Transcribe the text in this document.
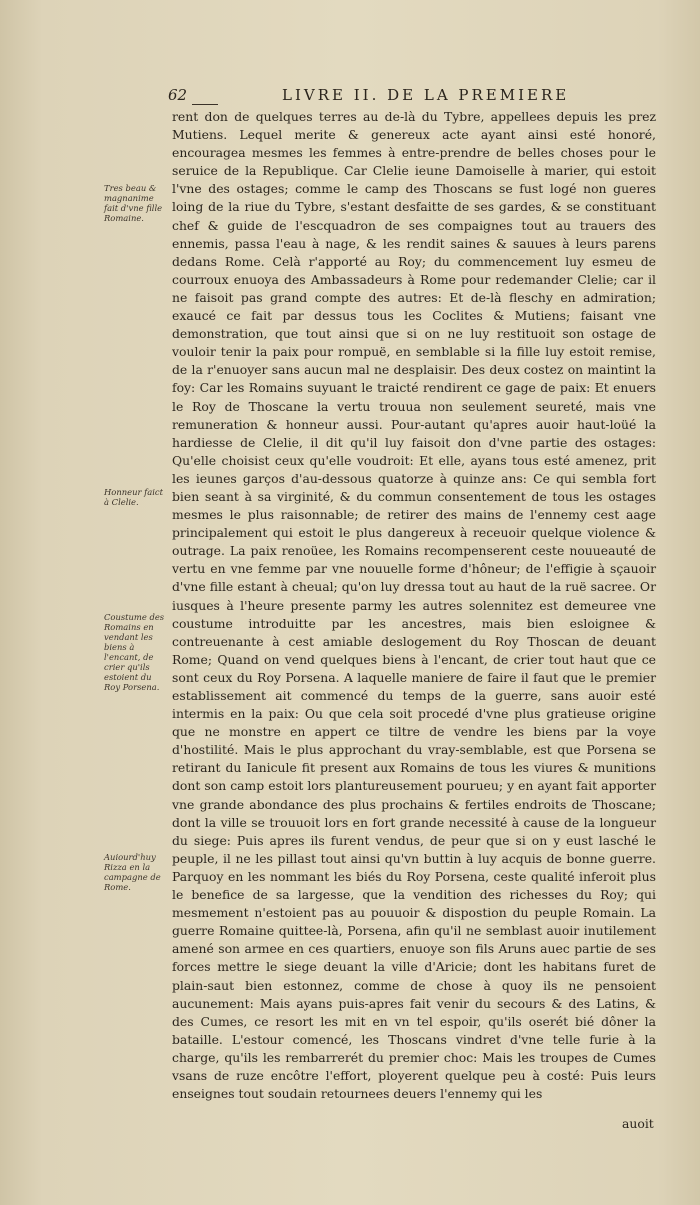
62	LIVRE II. DE LA PREMIERE

rent don de quelques terres au de-là du Tybre, appellees depuis les prez Mutiens. Lequel merite & genereux acte ayant ainsi esté honoré, encouragea mesmes les femmes à entre-prendre de belles choses pour le seruice de la Republique. Car Clelie ieune Damoiselle à marier, qui estoit l'vne des ostages; comme le camp des Thoscans se fust logé non gueres loing de la riue du Tybre, s'estant desfaitte de ses gardes, & se constituant chef & guide de l'escquadron de ses compaignes tout au trauers des ennemis, passa l'eau à nage, & les rendit saines & sauues à leurs parens dedans Rome. Celà r'apporté au Roy; du commencement luy esmeu de courroux enuoya des Ambassadeurs à Rome pour redemander Clelie; car il ne faisoit pas grand compte des autres: Et de-là fleschy en admiration; exaucé ce fait par dessus tous les Coclites & Mutiens; faisant vne demonstration, que tout ainsi que si on ne luy restituoit son ostage de vouloir tenir la paix pour rompuë, en semblable si la fille luy estoit remise, de la r'enuoyer sans aucun mal ne desplaisir. Des deux costez on maintint la foy: Car les Romains suyuant le traicté rendirent ce gage de paix: Et enuers le Roy de Thoscane la vertu trouua non seulement seureté, mais vne remuneration & honneur aussi. Pour-autant qu'apres auoir haut-loüé la hardiesse de Clelie, il dit qu'il luy faisoit don d'vne partie des ostages: Qu'elle choisist ceux qu'elle voudroit: Et elle, ayans tous esté amenez, prit les ieunes garços d'au-dessous quatorze à quinze ans: Ce qui sembla fort bien seant à sa virginité, & du commun consentement de tous les ostages mesmes le plus raisonnable; de retirer des mains de l'ennemy cest aage principalement qui estoit le plus dangereux à receuoir quelque violence & outrage. La paix renoüee, les Romains recompenserent ceste nouueauté de vertu en vne femme par vne nouuelle forme d'hôneur; de l'effigie à sçauoir d'vne fille estant à cheual; qu'on luy dressa tout au haut de la ruë sacree. Or iusques à l'heure presente parmy les autres solennitez est demeuree vne coustume introduitte par les ancestres, mais bien esloignee & contreuenante à cest amiable deslogement du Roy Thoscan de deuant Rome; Quand on vend quelques biens à l'encant, de crier tout haut que ce sont ceux du Roy Porsena. A laquelle maniere de faire il faut que le premier establissement ait commencé du temps de la guerre, sans auoir esté intermis en la paix: Ou que cela soit procedé d'vne plus gratieuse origine que ne monstre en appert ce tiltre de vendre les biens par la voye d'hostilité. Mais le plus approchant du vray-semblable, est que Porsena se retirant du Ianicule fit present aux Romains de tous les viures & munitions dont son camp estoit lors plantureusement pourueu; y en ayant fait apporter vne grande abondance des plus prochains & fertiles endroits de Thoscane; dont la ville se trouuoit lors en fort grande necessité à cause de la longueur du siege: Puis apres ils furent vendus, de peur que si on y eust lasché le peuple, il ne les pillast tout ainsi qu'vn buttin à luy acquis de bonne guerre. Parquoy en les nommant les biés du Roy Porsena, ceste qualité inferoit plus le benefice de sa largesse, que la vendition des richesses du Roy; qui mesmement n'estoient pas au pouuoir & dispostion du peuple Romain. La guerre Romaine quittee-là, Porsena, afin qu'il ne semblast auoir inutilement amené son armee en ces quartiers, enuoye son fils Aruns auec partie de ses forces mettre le siege deuant la ville d'Aricie; dont les habitans furet de plain-saut bien estonnez, comme de chose à quoy ils ne pensoient aucunement: Mais ayans puis-apres fait venir du secours & des Latins, & des Cumes, ce resort les mit en vn tel espoir, qu'ils oserét bié dôner la bataille. L'estour comencé, les Thoscans vindret d'vne telle furie à la charge, qu'ils les rembarrerét du premier choc: Mais les troupes de Cumes vsans de ruze encôtre l'effort, ployerent quelque peu à costé: Puis leurs enseignes tout soudain retournees deuers l'ennemy qui les

Tres beau & magnanime fait d'vne fille Romaine.
Honneur faict à Clelie.
Coustume des Romains en vendant les biens à l'encant, de crier qu'ils estoient du Roy Porsena.
Auiourd'huy Rizza en la campagne de Rome.
auoit
